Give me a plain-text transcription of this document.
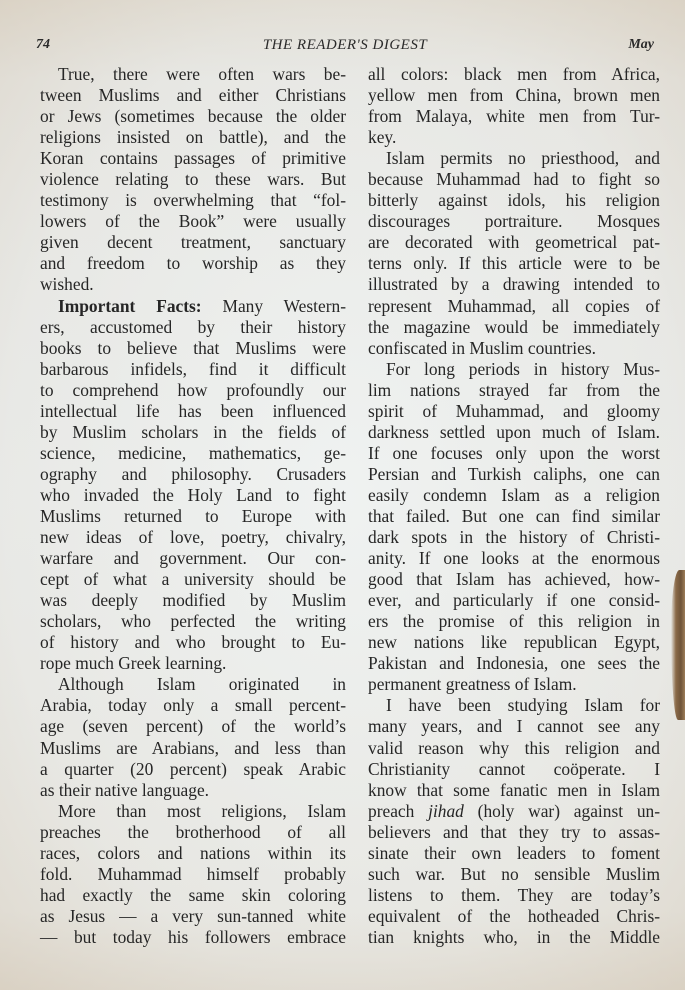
74	THE READER'S DIGEST	May
True, there were often wars be-
tween Muslims and either Christians
or Jews (sometimes because the older
religions insisted on battle), and the
Koran contains passages of primitive
violence relating to these wars. But
testimony is overwhelming that “fol-
lowers of the Book” were usually
given decent treatment, sanctuary
and freedom to worship as they
wished.
Important Facts: Many Western-
ers, accustomed by their history
books to believe that Muslims were
barbarous infidels, find it difficult
to comprehend how profoundly our
intellectual life has been influenced
by Muslim scholars in the fields of
science, medicine, mathematics, ge-
ography and philosophy. Crusaders
who invaded the Holy Land to fight
Muslims returned to Europe with
new ideas of love, poetry, chivalry,
warfare and government. Our con-
cept of what a university should be
was deeply modified by Muslim
scholars, who perfected the writing
of history and who brought to Eu-
rope much Greek learning.
Although Islam originated in
Arabia, today only a small percent-
age (seven percent) of the world’s
Muslims are Arabians, and less than
a quarter (20 percent) speak Arabic
as their native language.
More than most religions, Islam
preaches the brotherhood of all
races, colors and nations within its
fold. Muhammad himself probably
had exactly the same skin coloring
as Jesus — a very sun-tanned white
— but today his followers embrace
all colors: black men from Africa,
yellow men from China, brown men
from Malaya, white men from Tur-
key.
Islam permits no priesthood, and
because Muhammad had to fight so
bitterly against idols, his religion
discourages portraiture. Mosques
are decorated with geometrical pat-
terns only. If this article were to be
illustrated by a drawing intended to
represent Muhammad, all copies of
the magazine would be immediately
confiscated in Muslim countries.
For long periods in history Mus-
lim nations strayed far from the
spirit of Muhammad, and gloomy
darkness settled upon much of Islam.
If one focuses only upon the worst
Persian and Turkish caliphs, one can
easily condemn Islam as a religion
that failed. But one can find similar
dark spots in the history of Christi-
anity. If one looks at the enormous
good that Islam has achieved, how-
ever, and particularly if one consid-
ers the promise of this religion in
new nations like republican Egypt,
Pakistan and Indonesia, one sees the
permanent greatness of Islam.
I have been studying Islam for
many years, and I cannot see any
valid reason why this religion and
Christianity cannot coöperate. I
know that some fanatic men in Islam
preach jihad (holy war) against un-
believers and that they try to assas-
sinate their own leaders to foment
such war. But no sensible Muslim
listens to them. They are today’s
equivalent of the hotheaded Chris-
tian knights who, in the Middle
